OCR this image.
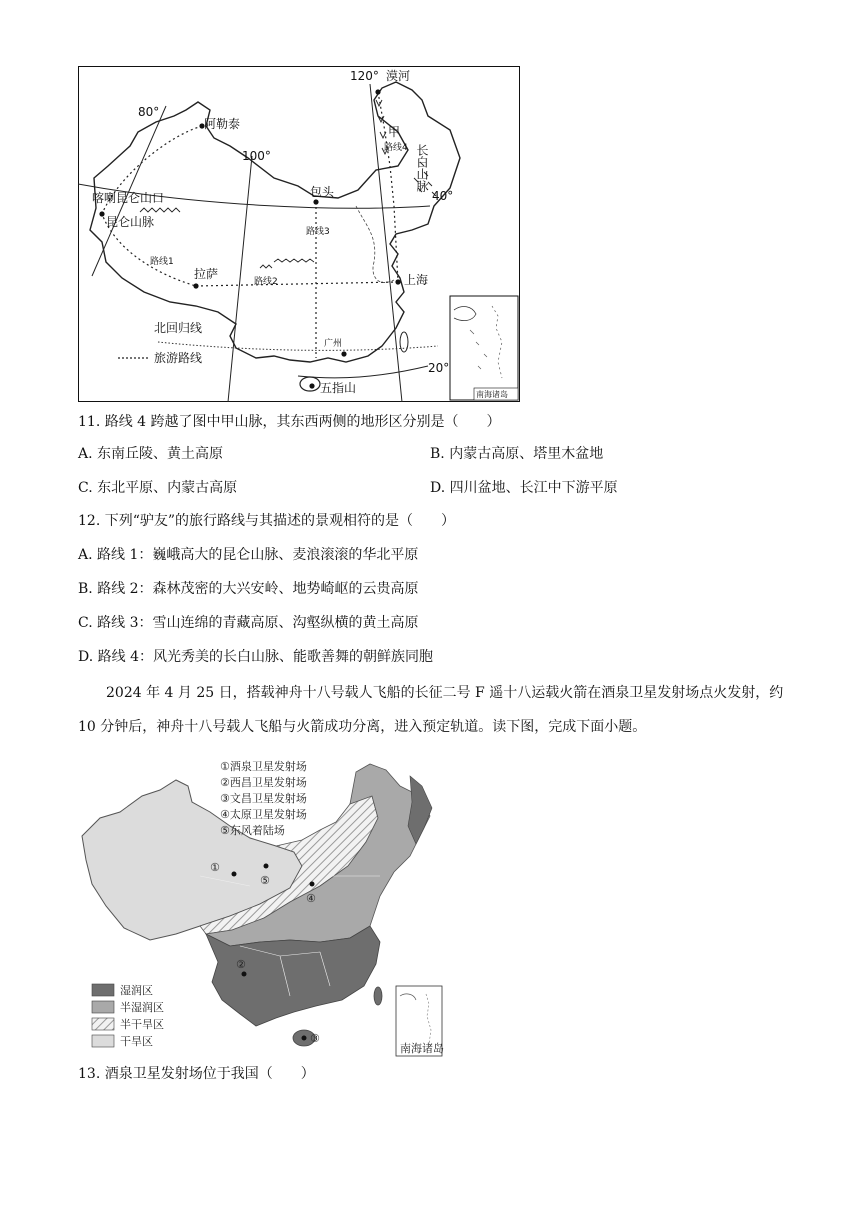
120° 漠河
80°
阿勒泰
甲
路线4
100°	长白山脉
包头	40°
喀喇昆仑山口
昆仑山脉
路线3
路线1
拉萨
路线2	上海
北回归线
广州
旅游路线
20°
五指山	南海诸岛
11. 路线 4 跨越了图中甲山脉，其东西两侧的地形区分别是（　　）
A. 东南丘陵、黄土高原	B. 内蒙古高原、塔里木盆地
C. 东北平原、内蒙古高原	D. 四川盆地、长江中下游平原
12. 下列“驴友”的旅行路线与其描述的景观相符的是（　　）
A. 路线 1：巍峨高大的昆仑山脉、麦浪滚滚的华北平原
B. 路线 2：森林茂密的大兴安岭、地势崎岖的云贵高原
C. 路线 3：雪山连绵的青藏高原、沟壑纵横的黄土高原
D. 路线 4：风光秀美的长白山脉、能歌善舞的朝鲜族同胞
2024 年 4 月 25 日，搭载神舟十八号载人飞船的长征二号 F 遥十八运载火箭在酒泉卫星发射场点火发射，约 10 分钟后，神舟十八号载人飞船与火箭成功分离，进入预定轨道。读下图，完成下面小题。
①酒泉卫星发射场
②西昌卫星发射场
③文昌卫星发射场
④太原卫星发射场
⑤东风着陆场
①
⑤
④
②
③
湿润区
半湿润区
半干旱区
干旱区
南海诸岛
13. 酒泉卫星发射场位于我国（　　）
